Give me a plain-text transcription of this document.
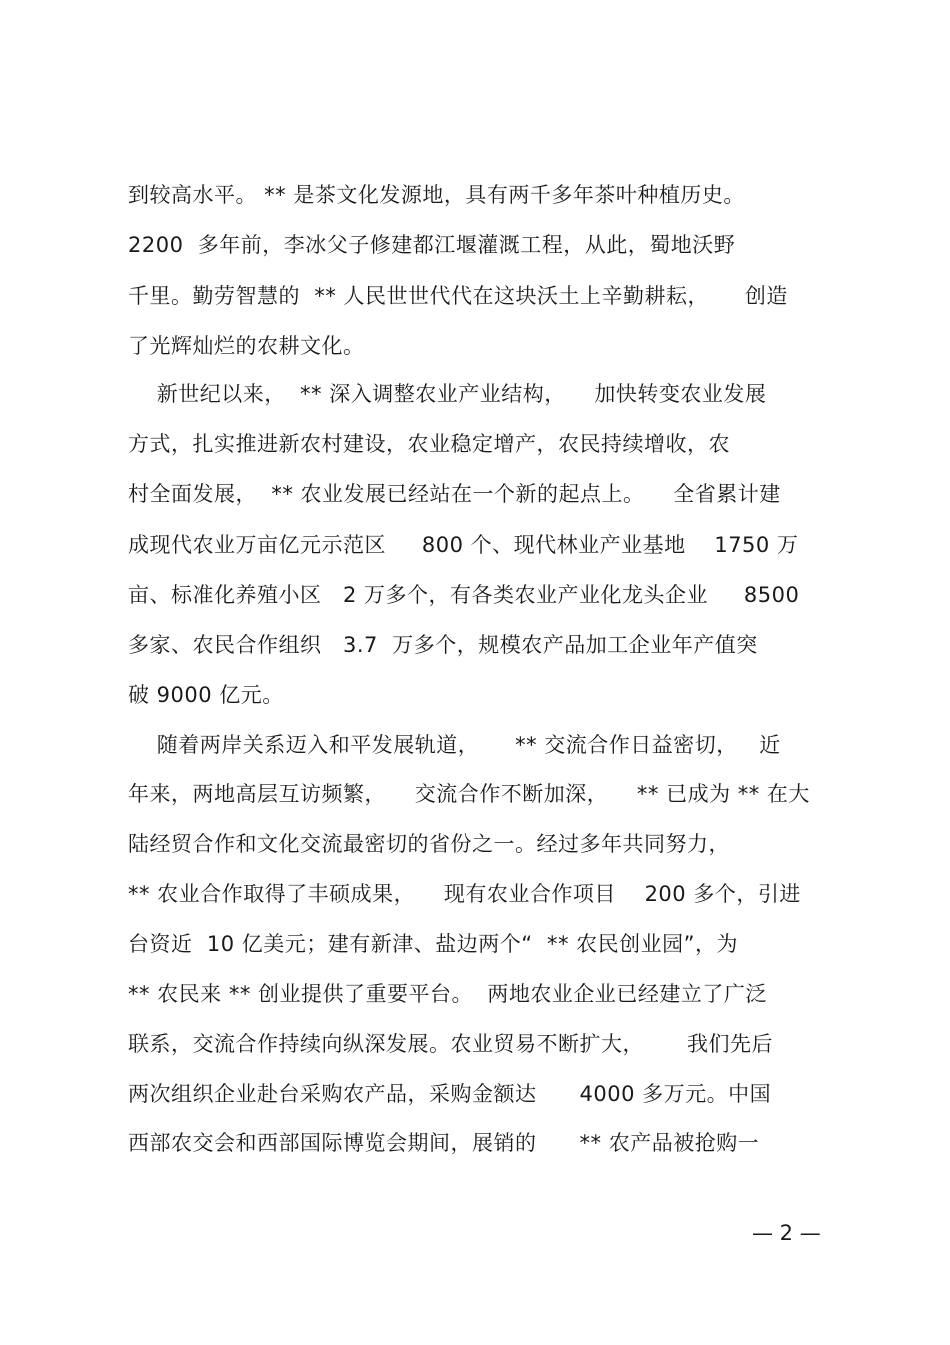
到较高水平。 ** 是茶文化发源地，具有两千多年茶叶种植历史。
2200  多年前，李冰父子修建都江堰灌溉工程，从此，蜀地沃野
千里。勤劳智慧的  ** 人民世世代代在这块沃土上辛勤耕耘，     创造
了光辉灿烂的农耕文化。
新世纪以来，  ** 深入调整农业产业结构，    加快转变农业发展
方式，扎实推进新农村建设，农业稳定增产，农民持续增收，农
村全面发展，  ** 农业发展已经站在一个新的起点上。    全省累计建
成现代农业万亩亿元示范区     800 个、现代林业产业基地    1750 万
亩、标准化养殖小区   2 万多个，有各类农业产业化龙头企业     8500
多家、农民合作组织   3.7  万多个，规模农产品加工企业年产值突
破 9000 亿元。
随着两岸关系迈入和平发展轨道，     ** 交流合作日益密切，   近
年来，两地高层互访频繁，    交流合作不断加深，    ** 已成为 ** 在大
陆经贸合作和文化交流最密切的省份之一。经过多年共同努力，
** 农业合作取得了丰硕成果，    现有农业合作项目    200 多个，引进
台资近  10 亿美元；建有新津、盐边两个“  ** 农民创业园”，为
** 农民来 ** 创业提供了重要平台。  两地农业企业已经建立了广泛
联系，交流合作持续向纵深发展。农业贸易不断扩大，      我们先后
两次组织企业赴台采购农产品，采购金额达      4000 多万元。中国
西部农交会和西部国际博览会期间，展销的      ** 农产品被抢购一
— 2 —
